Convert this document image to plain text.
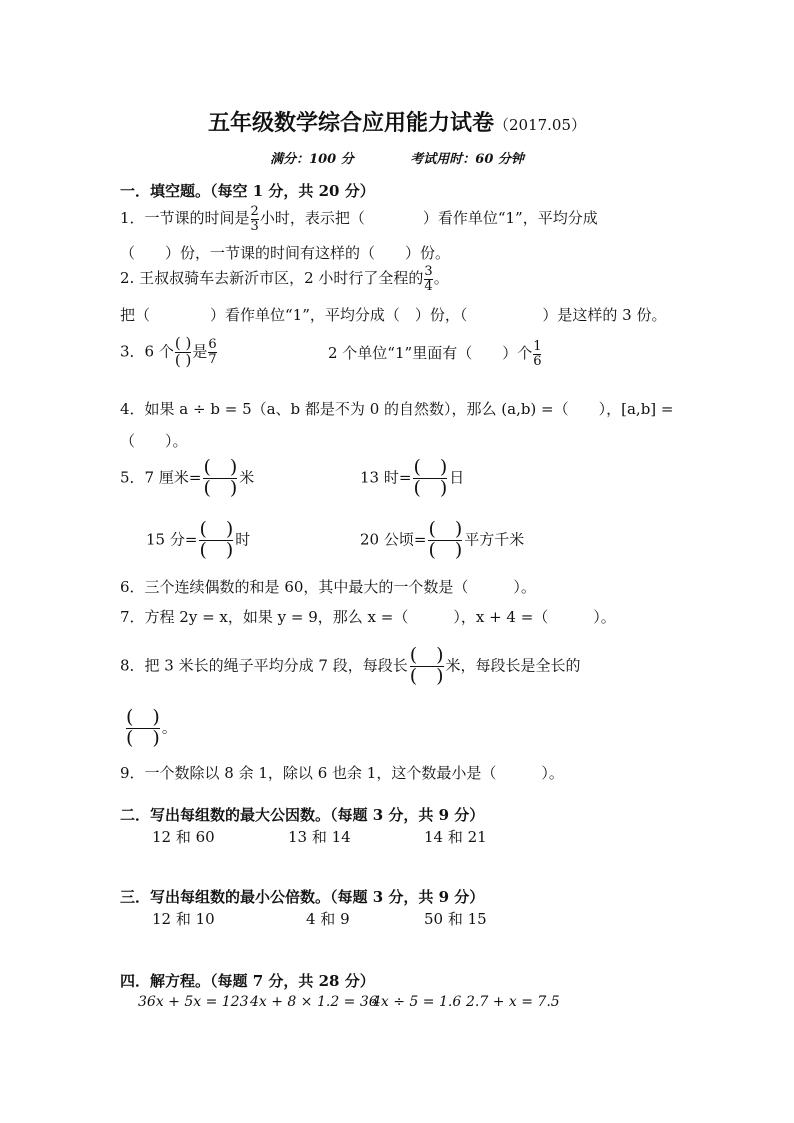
五年级数学综合应用能力试卷（2017.05）
满分：100 分	考试用时：60 分钟
一．填空题。（每空 1 分，共 20 分）
1．一节课的时间是 $\frac{2}{3}$ 小时，表示把（	）看作单位“1”，平均分成
（　　）份，一节课的时间有这样的（　　）份。
2. 王叔叔骑车去新沂市区，2 小时行了全程的 $\frac{3}{4}$ 。
把（　　　　）看作单位“1”，平均分成（　）份，（　　　　　）是这样的 3 份。
3．6 个 $\frac{( )}{( )}$ 是 $\frac{6}{7}$	2 个单位“1”里面有（　　）个 $\frac{1}{6}$
4．如果 a ÷ b = 5（a、b 都是不为 0 的自然数），那么 (a,b) =（　　），[a,b] =
（　　）。
5．7 厘米= (　)
(　) 米	13 时= (　)
(　) 日
15 分= (　)
(　) 时	20 公顷= (　)
(　) 平方千米
6．三个连续偶数的和是 60，其中最大的一个数是（　　　）。
7．方程 2y = x，如果 y = 9，那么 x =（　　　），x + 4 =（　　　）。
8．把 3 米长的绳子平均分成 7 段，每段长 (　)
(　) 米，每段长是全长的
(　)
(　) 。
9．一个数除以 8 余 1，除以 6 也余 1，这个数最小是（　　　）。
二．写出每组数的最大公因数。（每题 3 分，共 9 分）
12 和 60	13 和 14	14 和 21
三．写出每组数的最小公倍数。（每题 3 分，共 9 分）
12 和 10	4 和 9	50 和 15
四．解方程。（每题 7 分，共 28 分）
36x + 5x = 123 4x + 8 × 1.2 = 36
4x ÷ 5 = 1.6 2.7 + x = 7.5
